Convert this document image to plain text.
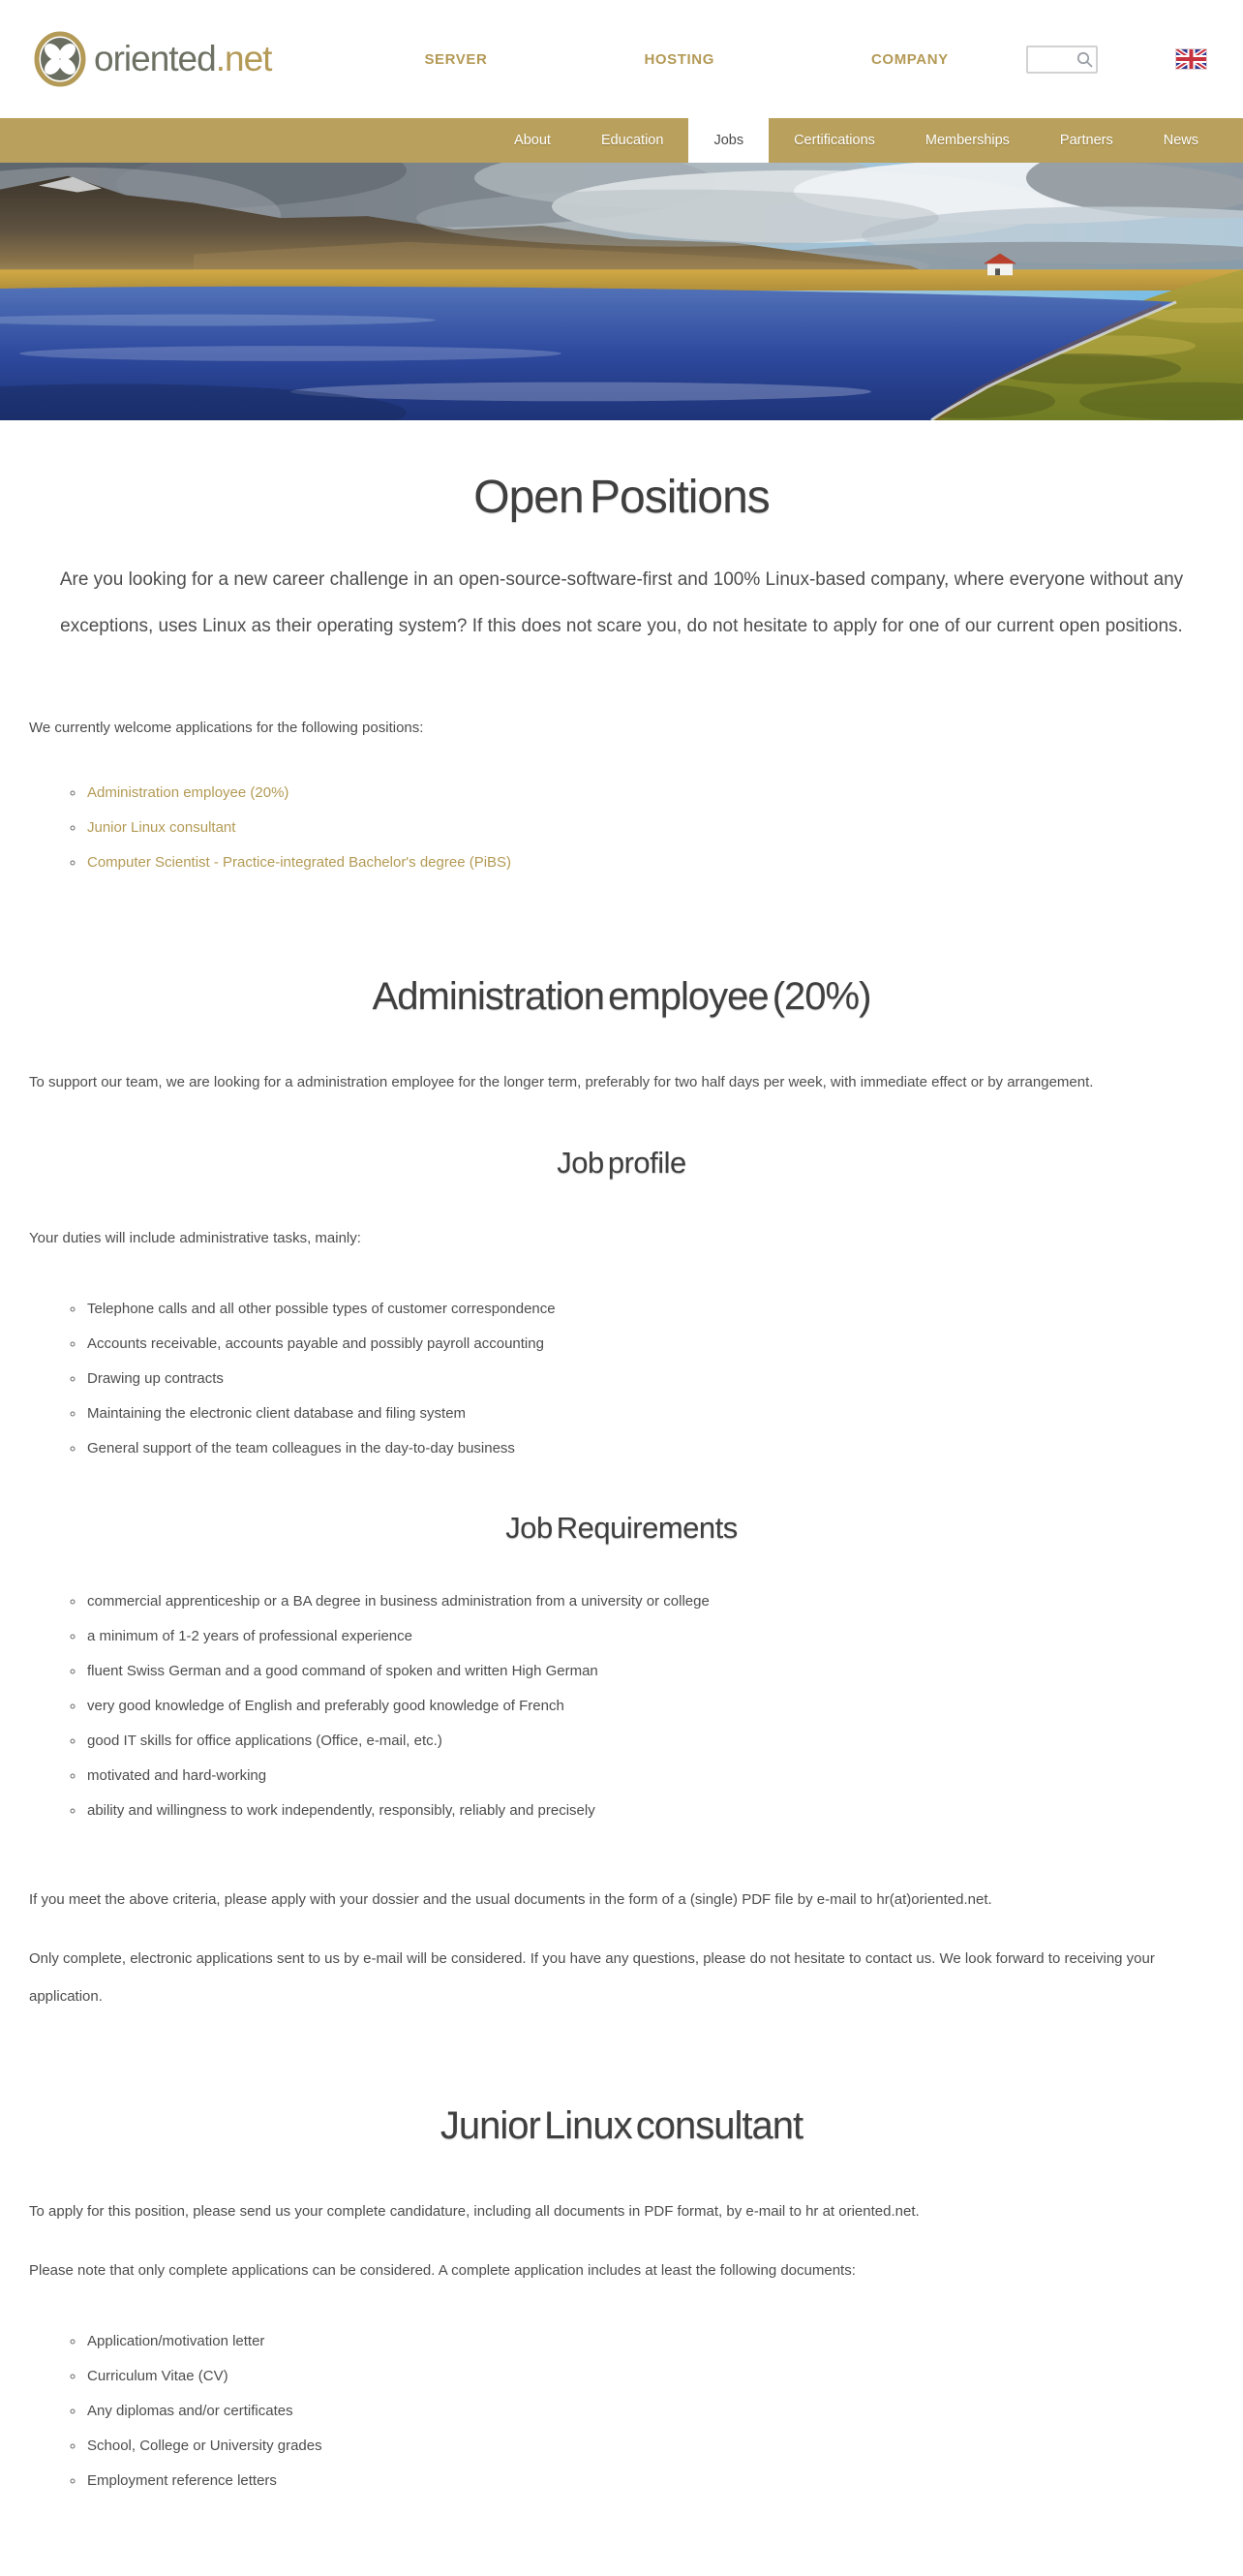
oriented.net	SERVER	HOSTING	COMPANY
About	Education	Jobs	Certifications	Memberships	Partners	News
Open Positions

Are you looking for a new career challenge in an open-source-software-first and 100% Linux-based company, where everyone without any exceptions, uses Linux as their operating system? If this does not scare you, do not hesitate to apply for one of our current open positions.

We currently welcome applications for the following positions:

◦ Administration employee (20%)
◦ Junior Linux consultant
◦ Computer Scientist - Practice-integrated Bachelor's degree (PiBS)
Administration employee (20%)

To support our team, we are looking for a administration employee for the longer term, preferably for two half days per week, with immediate effect or by arrangement.

Job profile

Your duties will include administrative tasks, mainly:

◦ Telephone calls and all other possible types of customer correspondence
◦ Accounts receivable, accounts payable and possibly payroll accounting
◦ Drawing up contracts
◦ Maintaining the electronic client database and filing system
◦ General support of the team colleagues in the day-to-day business
Job Requirements
◦ commercial apprenticeship or a BA degree in business administration from a university or college
◦ a minimum of 1-2 years of professional experience
◦ fluent Swiss German and a good command of spoken and written High German
◦ very good knowledge of English and preferably good knowledge of French
◦ good IT skills for office applications (Office, e-mail, etc.)
◦ motivated and hard-working
◦ ability and willingness to work independently, responsibly, reliably and precisely

If you meet the above criteria, please apply with your dossier and the usual documents in the form of a (single) PDF file by e-mail to hr(at)oriented.net.

Only complete, electronic applications sent to us by e-mail will be considered. If you have any questions, please do not hesitate to contact us. We look forward to receiving your application.

Junior Linux consultant

To apply for this position, please send us your complete candidature, including all documents in PDF format, by e-mail to hr at oriented.net.

Please note that only complete applications can be considered. A complete application includes at least the following documents:

◦ Application/motivation letter
◦ Curriculum Vitae (CV)
◦ Any diplomas and/or certificates
◦ School, College or University grades
◦ Employment reference letters
